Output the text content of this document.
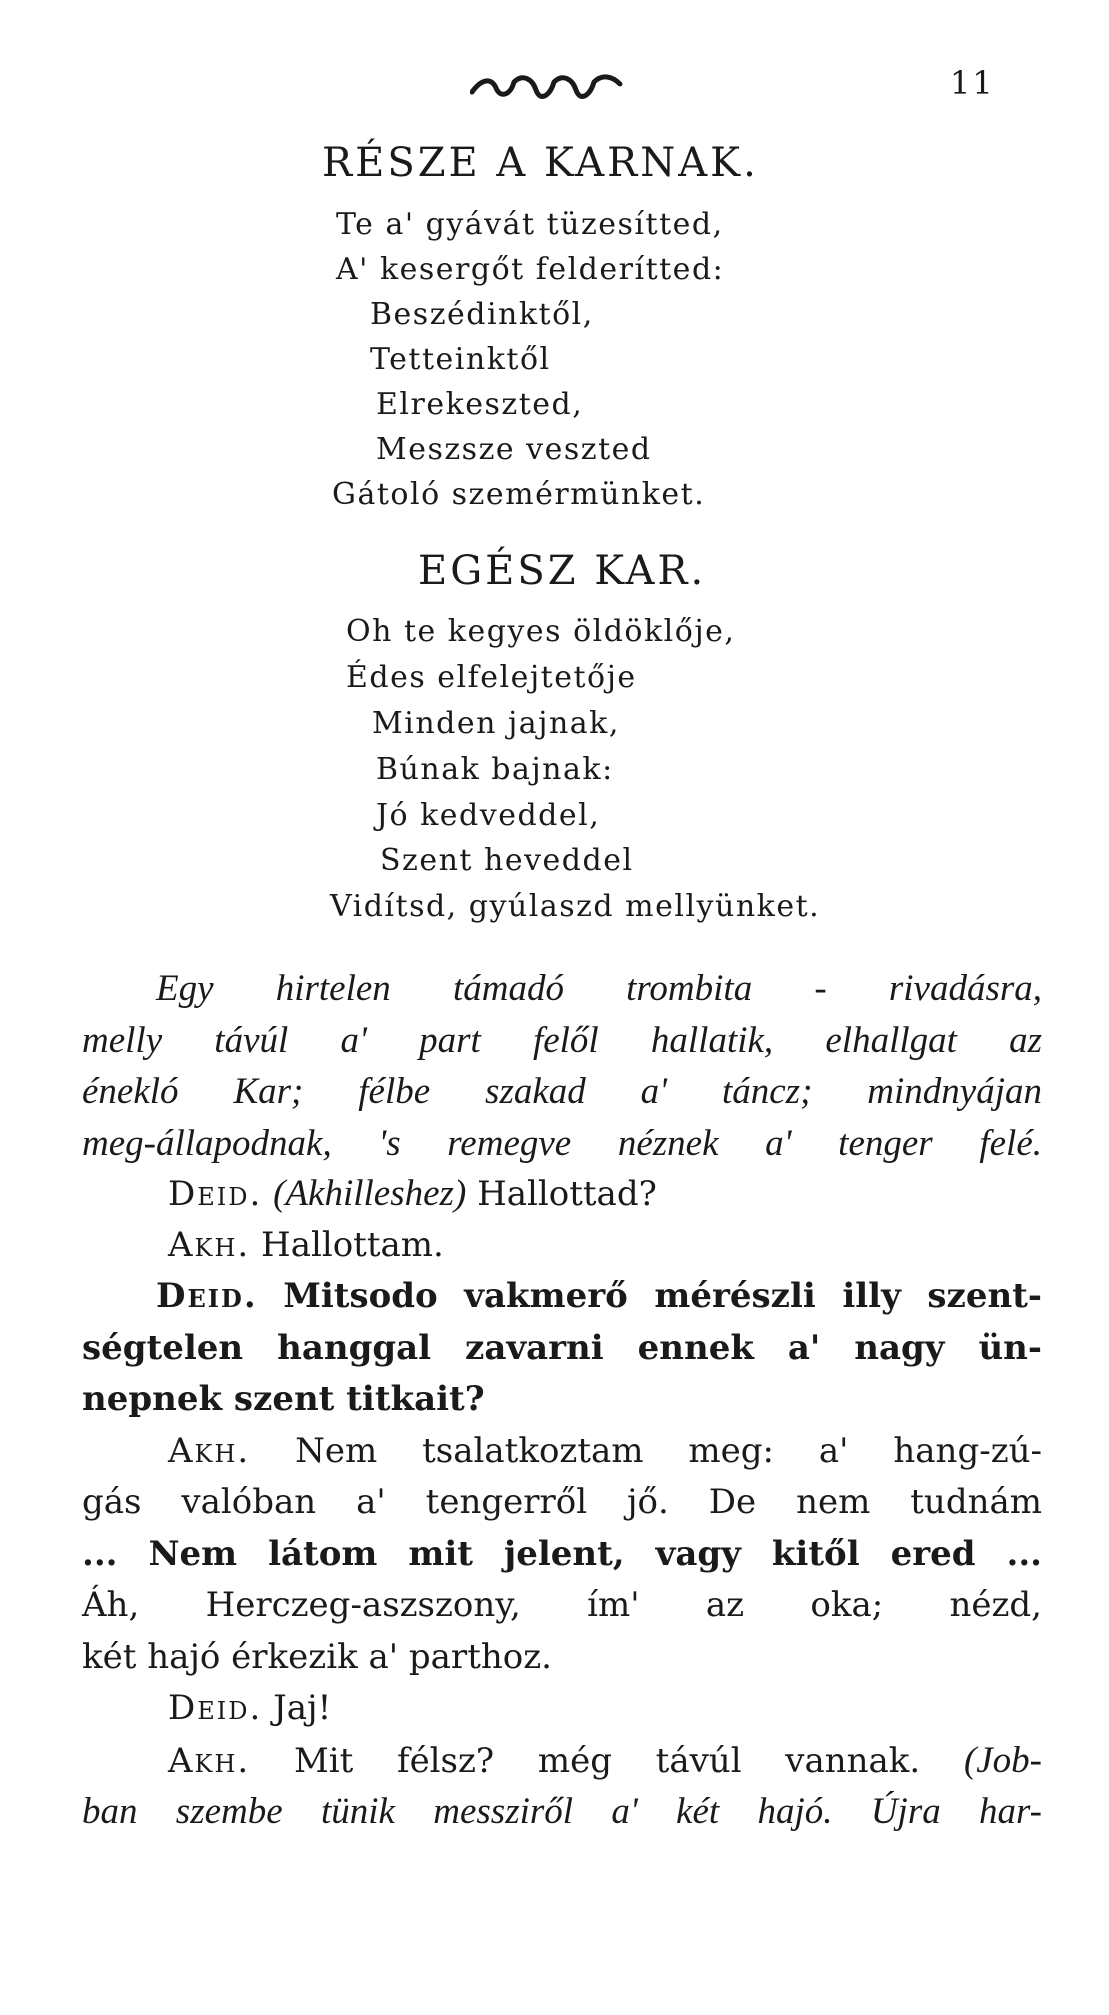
11
RÉSZE A KARNAK.
Te a' gyávát tüzesítted,
A' kesergőt felderítted:
Beszédinktől,
Tetteinktől
Elrekeszted,
Meszsze veszted
Gátoló szemérmünket.
EGÉSZ KAR.
Oh te kegyes öldöklője,
Édes elfelejtetője
Minden jajnak,
Búnak bajnak:
Jó kedveddel,
Szent heveddel
Vidítsd, gyúlaszd mellyünket.
Egy hirtelen támadó trombita - rivadásra,
melly távúl a' part felől hallatik, elhallgat az
énekló Kar; félbe szakad a' táncz; mindnyájan
meg-állapodnak, 's remegve néznek a' tenger felé.
Deid. (Akhilleshez) Hallottad?
Akh. Hallottam.
Deid. Mitsodo vakmerő mérészli illy szent-
ségtelen hanggal zavarni ennek a' nagy ün-
nepnek szent titkait?
Akh. Nem tsalatkoztam meg: a' hang-zú-
gás valóban a' tengerről jő. De nem tudnám
... Nem látom mit jelent, vagy kitől ered ...
Áh, Herczeg-aszszony, ím' az oka; nézd,
két hajó érkezik a' parthoz.
Deid. Jaj!
Akh. Mit félsz? még távúl vannak. (Job-
ban szembe tünik messziről a' két hajó. Újra har-
